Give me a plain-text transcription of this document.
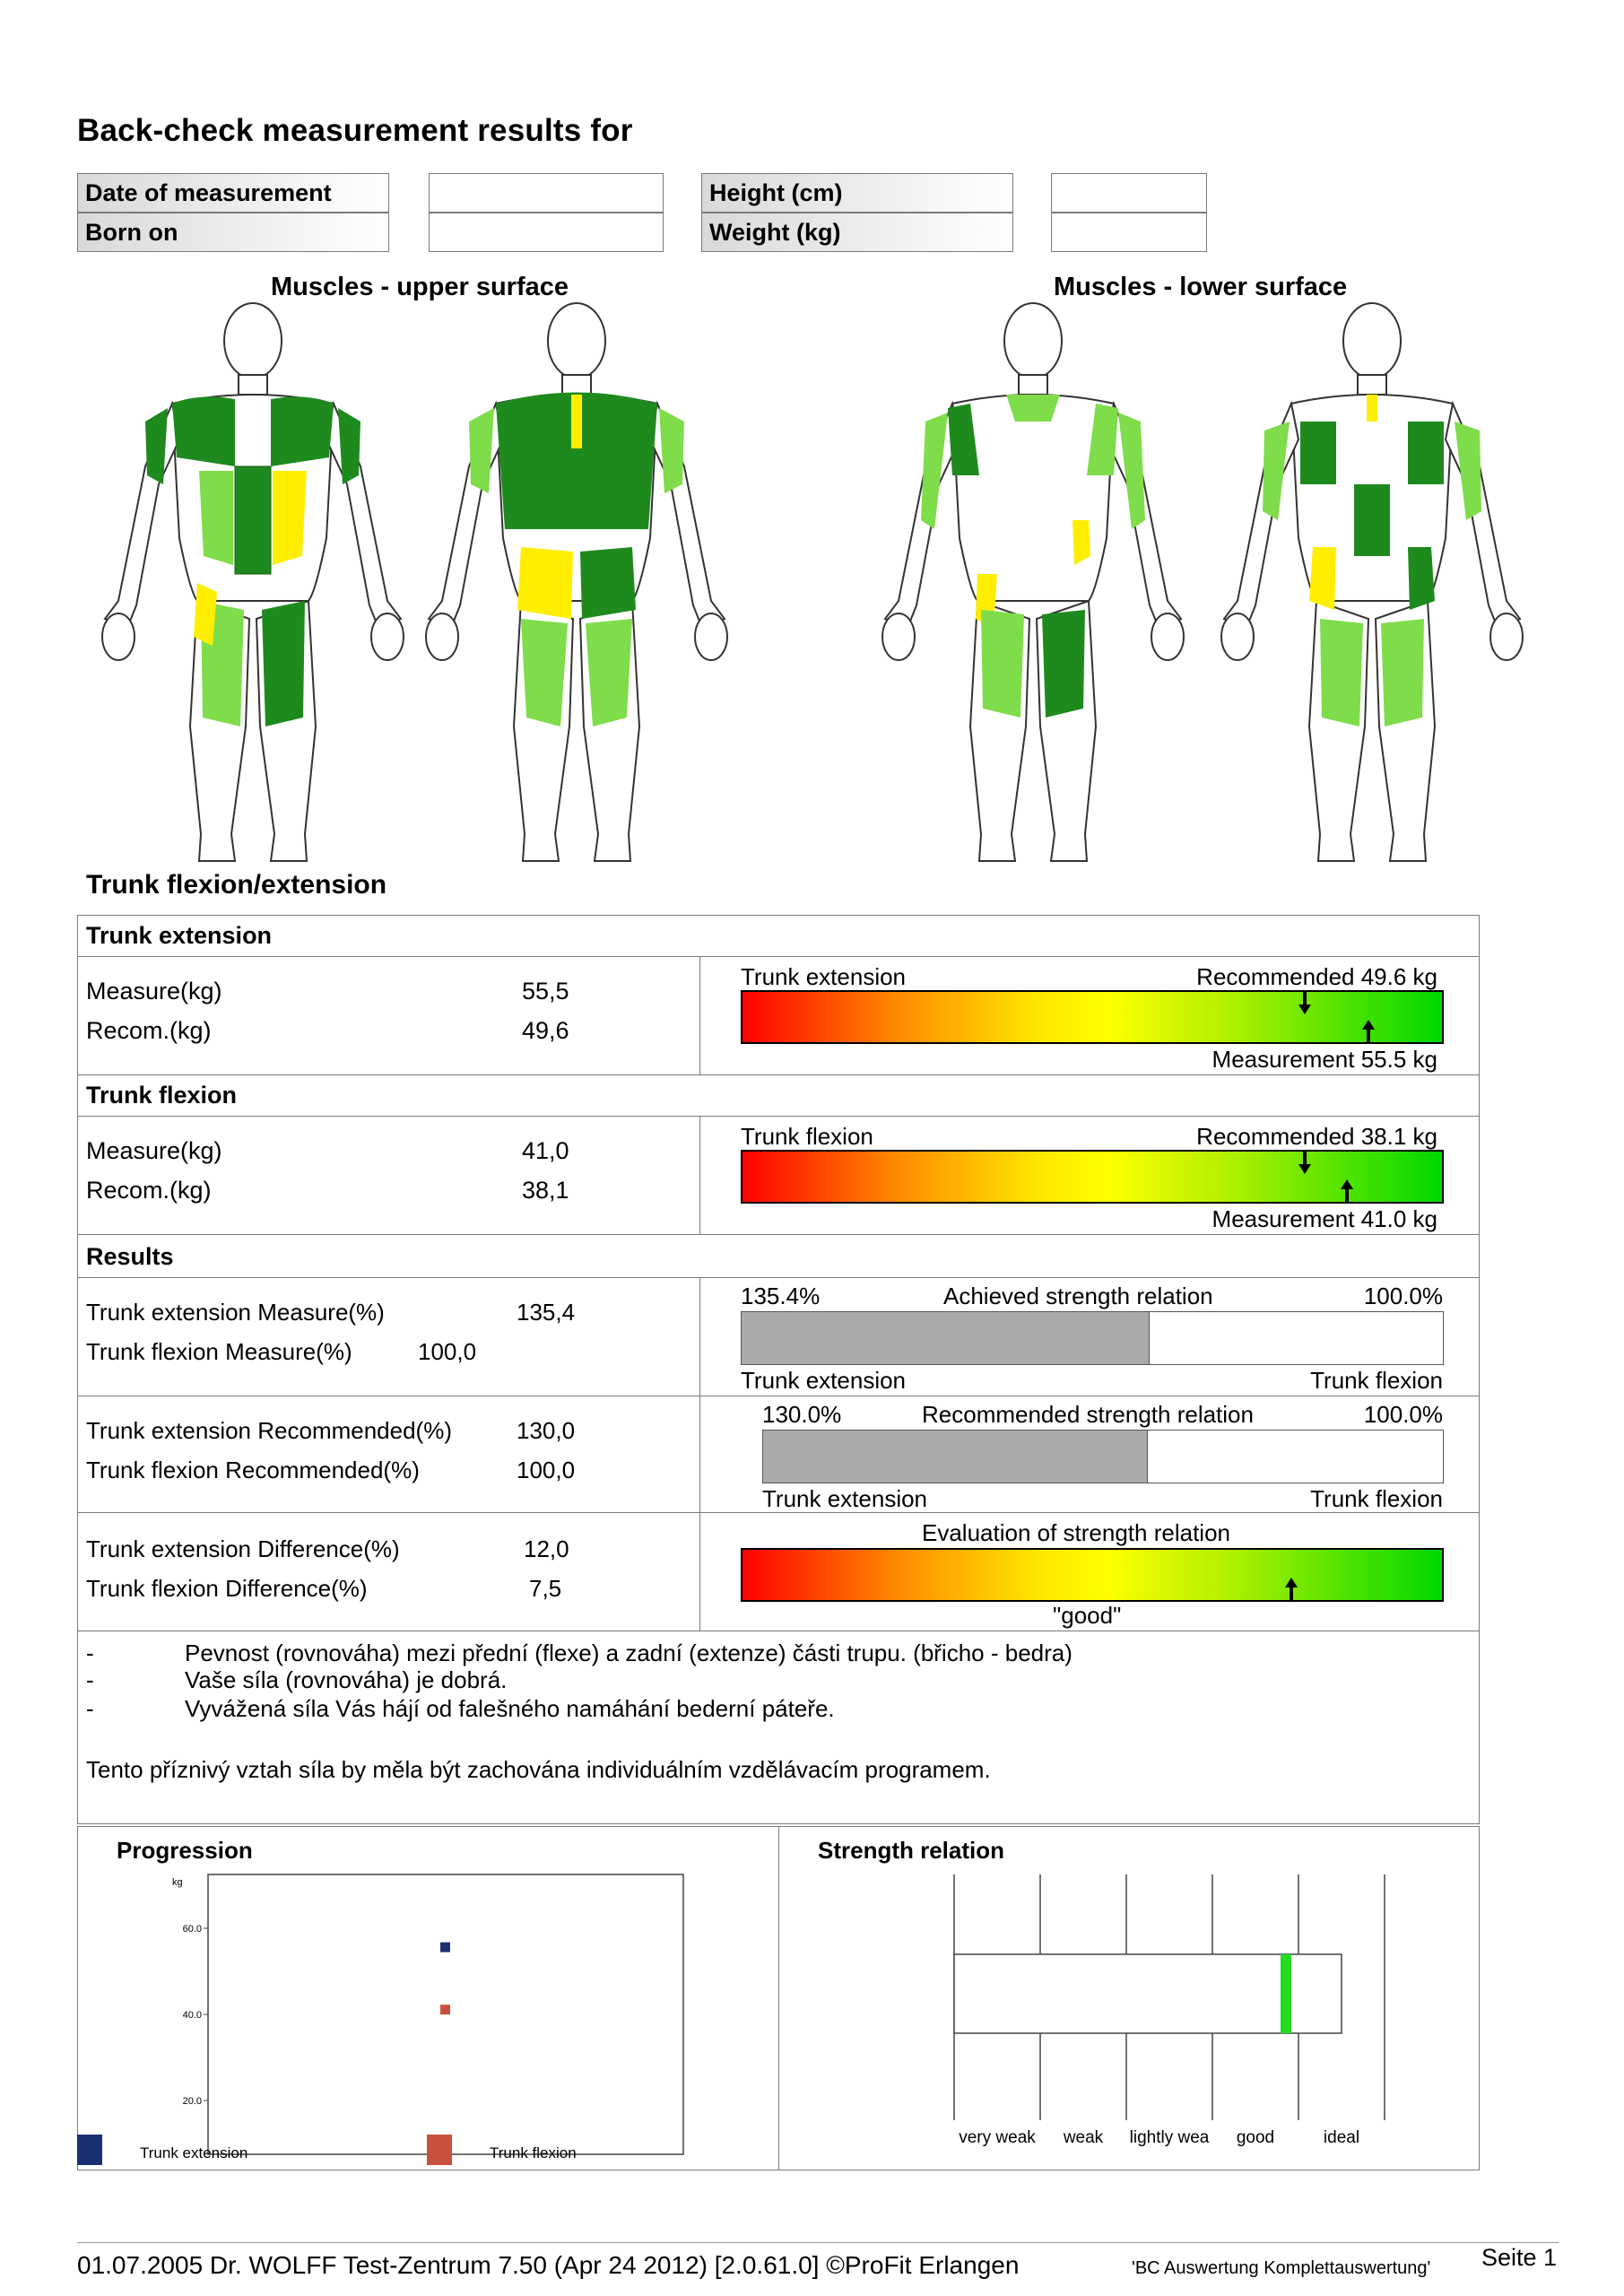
Back-check measurement results for
Date of measurement
Born on
Height (cm)
Weight (kg)
Muscles - upper surface	Muscles - lower surface
Trunk flexion/extension
Trunk extension
Measure(kg)	55,5
Recom.(kg)	49,6
Trunk extension	Recommended 49.6 kg
Measurement 55.5 kg
Trunk flexion
Measure(kg)	41,0
Recom.(kg)	38,1
Trunk flexion	Recommended 38.1 kg
Measurement 41.0 kg
Results
Trunk extension Measure(%)	135,4
Trunk flexion Measure(%)	100,0
135.4%	Achieved strength relation	100.0%
Trunk extension	Trunk flexion
Trunk extension Recommended(%)	130,0
Trunk flexion Recommended(%)	100,0
130.0%	Recommended strength relation	100.0%
Trunk extension	Trunk flexion
Trunk extension Difference(%)	12,0
Trunk flexion Difference(%)	7,5
Evaluation of strength relation
"good"
-	Pevnost (rovnováha) mezi přední (flexe) a zadní (extenze) části trupu. (břicho - bedra)
-	Vaše síla (rovnováha) je dobrá.
-	Vyvážená síla Vás hájí od falešného namáhání bederní páteře.
Tento příznivý vztah síla by měla být zachována individuálním vzdělávacím programem.
Progression	Strength relation
kg
60.0
40.0
20.0
Trunk extension	Trunk flexion
very weak weak lightly wea good	ideal
01.07.2005 Dr. WOLFF Test-Zentrum 7.50 (Apr 24 2012) [2.0.61.0] ©ProFit Erlangen	'BC Auswertung Komplettauswertung' Seite 1
